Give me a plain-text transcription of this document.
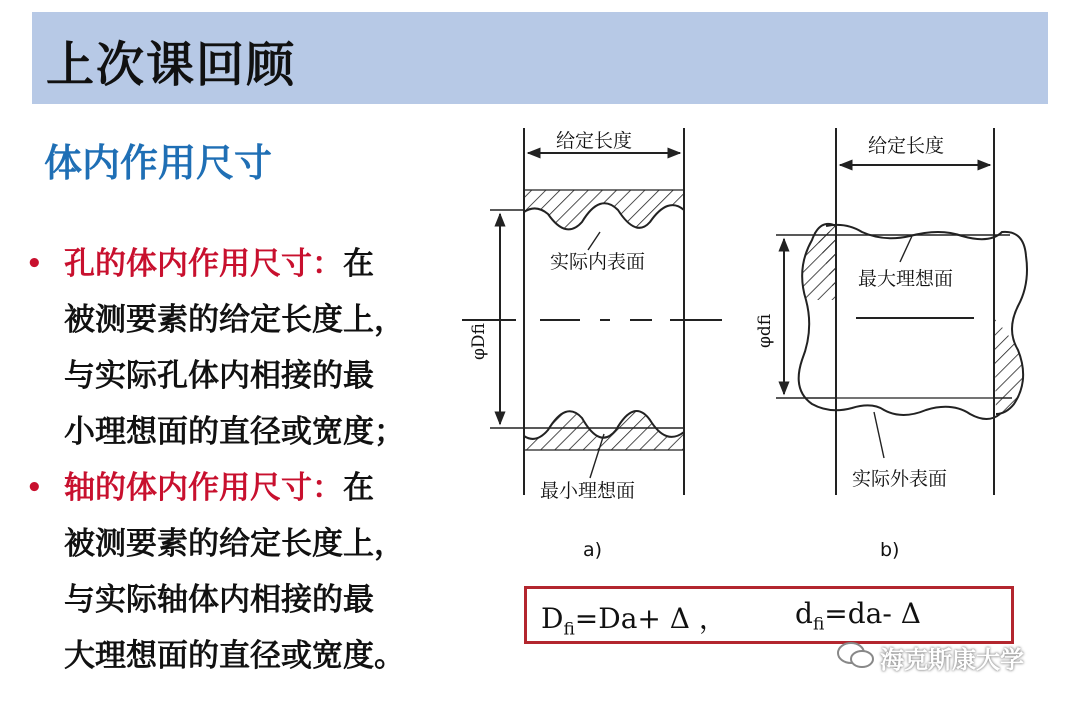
上次课回顾
体内作用尺寸
• 孔的体内作用尺寸：在
被测要素的给定长度上，
与实际孔体内相接的最
小理想面的直径或宽度；
• 轴的体内作用尺寸：在
被测要素的给定长度上，
与实际轴体内相接的最
大理想面的直径或宽度。
给定长度
实际内表面
最小理想面
a)
给定长度
最大理想面
实际外表面
b)
φDfi	φdfi
$D_{fi}=Da+ \Delta$ ， $d_{fi}=da-$ Δ
海克斯康大学
